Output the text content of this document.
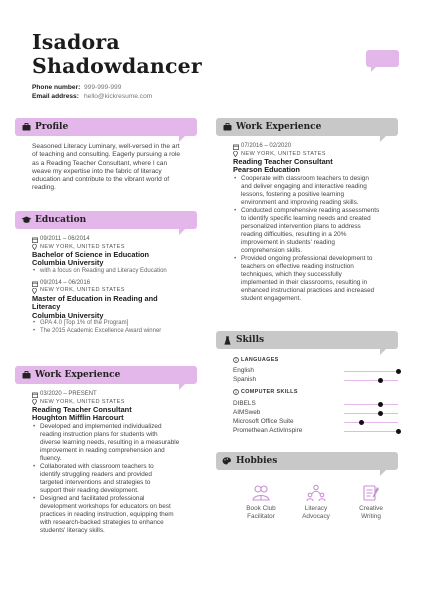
Isadora
Shadowdancer
Phone number: 999-999-999
Email address: hello@kickresume.com
Profile
Seasoned Literacy Luminary, well-versed in the art
of teaching and consulting. Eagerly pursuing a role
as a Reading Teacher Consultant, where I can
weave my expertise into the fabric of literacy
education and contribute to the vibrant world of
reading.
Education
09/2011 – 06/2014
NEW YORK, UNITED STATES
Bachelor of Science in Education
Columbia University
• with a focus on Reading and Literacy Education
09/2014 – 06/2016
NEW YORK, UNITED STATES
Master of Education in Reading and
Literacy
Columbia University
• GPA 4.0 [Top 1% of the Program]
• The 2015 Academic Excellence Award winner
Work Experience
03/2020 – PRESENT
NEW YORK, UNITED STATES
Reading Teacher Consultant
Houghton Mifflin Harcourt
• Developed and implemented individualized
reading instruction plans for students with
diverse learning needs, resulting in a measurable
improvement in reading comprehension and
fluency.
• Collaborated with classroom teachers to
identify struggling readers and provided
targeted interventions and strategies to
support their reading development.
• Designed and facilitated professional
development workshops for educators on best
practices in reading instruction, equipping them
with research-backed strategies to enhance
students' literacy skills.
Work Experience
07/2016 – 02/2020
NEW YORK, UNITED STATES
Reading Teacher Consultant
Pearson Education
• Cooperate with classroom teachers to design
and deliver engaging and interactive reading
lessons, fostering a positive learning
environment and improving reading skills.
• Conducted comprehensive reading assessments
to identify specific learning needs and created
personalized intervention plans to address
reading difficulties, resulting in a 20%
improvement in students' reading
comprehension skills.
• Provided ongoing professional development to
teachers on effective reading instruction
techniques, which they successfully
implemented in their classrooms, resulting in
enhanced instructional practices and increased
student engagement.
Skills
LANGUAGES
English
Spanish
COMPUTER SKILLS
DIBELS
AIMSweb
Microsoft Office Suite
Promethean ActivInspire
Hobbies
Book Club
Facilitator
Literacy
Advocacy
Creative
Writing
